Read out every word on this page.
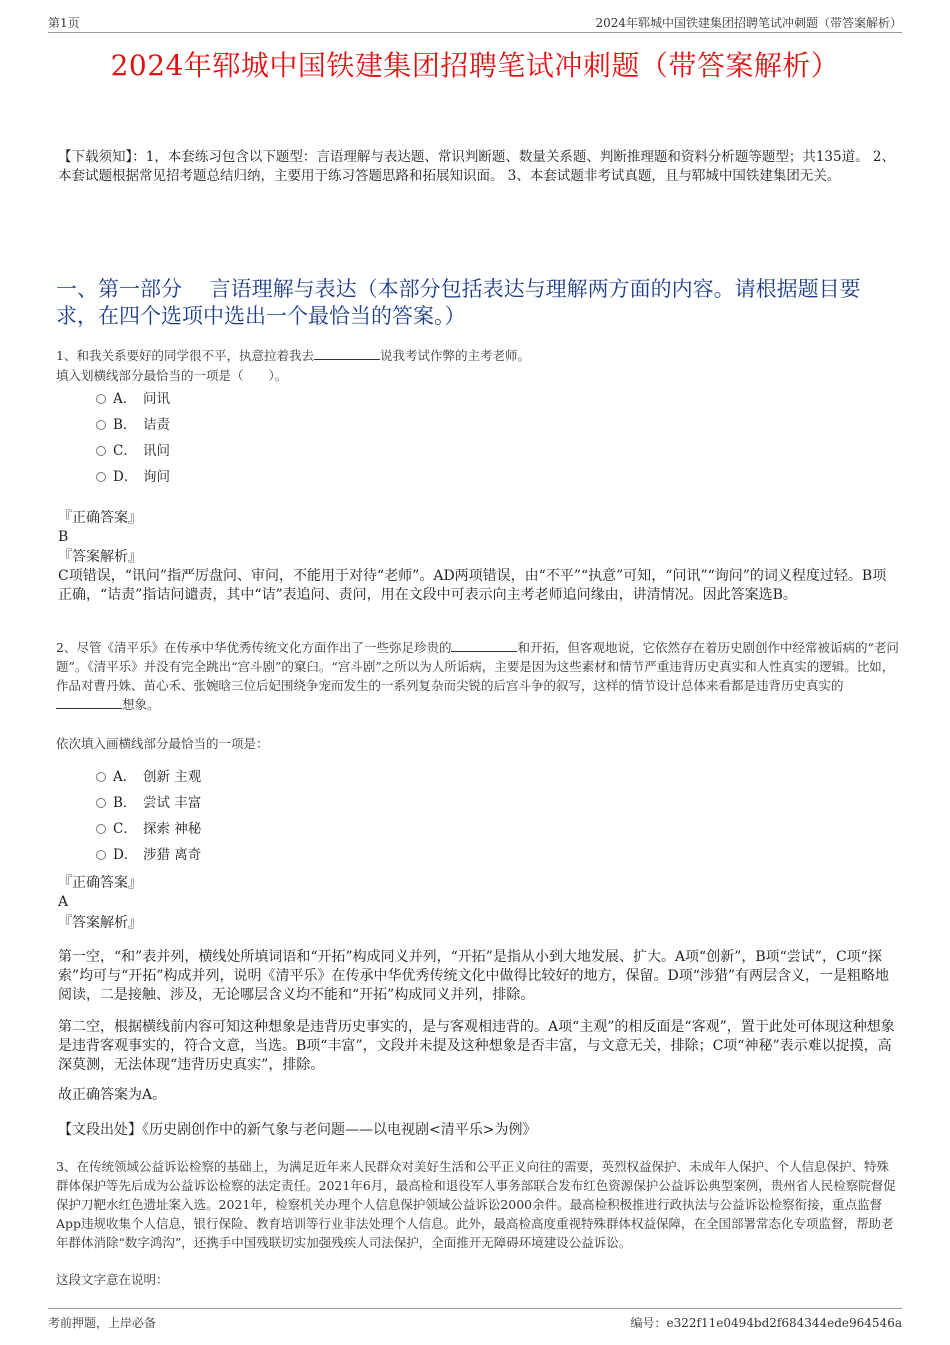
第1页	2024年郓城中国铁建集团招聘笔试冲刺题（带答案解析）
2024年郓城中国铁建集团招聘笔试冲刺题（带答案解析）
【下载须知】：1，本套练习包含以下题型：言语理解与表达题、常识判断题、数量关系题、判断推理题和资料分析题等题型；共135道。 2、本套试题根据常见招考题总结归纳，主要用于练习答题思路和拓展知识面。 3、本套试题非考试真题，且与郓城中国铁建集团无关。
一、第一部分　 言语理解与表达（本部分包括表达与理解两方面的内容。请根据题目要求，在四个选项中选出一个最恰当的答案。）
1、和我关系要好的同学很不平，执意拉着我去	说我考试作弊的主考老师。
填入划横线部分最恰当的一项是（　　）。
A． 问讯
B． 诘责
C． 讯问
D． 询问
『正确答案』
B
『答案解析』
C项错误，“讯问”指严厉盘问、审问，不能用于对待“老师”。AD两项错误，由“不平”“执意”可知，“问讯”“询问”的词义程度过轻。B项正确，“诘责”指诘问谴责，其中“诘”表追问、责问，用在文段中可表示向主考老师追问缘由，讲清情况。因此答案选B。
2、尽管《清平乐》在传承中华优秀传统文化方面作出了一些弥足珍贵的	和开拓，但客观地说，它依然存在着历史剧创作中经常被诟病的“老问题”。《清平乐》并没有完全跳出“宫斗剧”的窠臼。“宫斗剧”之所以为人所诟病，主要是因为这些素材和情节严重违背历史真实和人性真实的逻辑。比如，作品对曹丹姝、苗心禾、张婉晗三位后妃围绕争宠而发生的一系列复杂而尖锐的后宫斗争的叙写，这样的情节设计总体来看都是违背历史真实的想象。
依次填入画横线部分最恰当的一项是：
A． 创新 主观
B． 尝试 丰富
C． 探索 神秘
D． 涉猎 离奇
『正确答案』
A
『答案解析』
第一空，“和”表并列，横线处所填词语和“开拓”构成同义并列，“开拓”是指从小到大地发展、扩大。A项“创新”，B项“尝试”，C项“探索”均可与“开拓”构成并列，说明《清平乐》在传承中华优秀传统文化中做得比较好的地方，保留。D项“涉猎”有两层含义，一是粗略地阅读，二是接触、涉及，无论哪层含义均不能和“开拓”构成同义并列，排除。
第二空，根据横线前内容可知这种想象是违背历史事实的，是与客观相违背的。A项“主观”的相反面是“客观”，置于此处可体现这种想象是违背客观事实的，符合文意，当选。B项“丰富”，文段并未提及这种想象是否丰富，与文意无关，排除；C项“神秘”表示难以捉摸，高深莫测，无法体现“违背历史真实”，排除。
故正确答案为A。
【文段出处】《历史剧创作中的新气象与老问题——以电视剧<清平乐>为例》
3、在传统领域公益诉讼检察的基础上，为满足近年来人民群众对美好生活和公平正义向往的需要，英烈权益保护、未成年人保护、个人信息保护、特殊群体保护等先后成为公益诉讼检察的法定责任。2021年6月，最高检和退役军人事务部联合发布红色资源保护公益诉讼典型案例，贵州省人民检察院督促保护刀靶水红色遗址案入选。2021年，检察机关办理个人信息保护领域公益诉讼2000余件。最高检积极推进行政执法与公益诉讼检察衔接，重点监督App违规收集个人信息，银行保险、教育培训等行业非法处理个人信息。此外，最高检高度重视特殊群体权益保障，在全国部署常态化专项监督，帮助老年群体消除“数字鸿沟”，还携手中国残联切实加强残疾人司法保护，全面推开无障碍环境建设公益诉讼。
这段文字意在说明：
考前押题，上岸必备	编号：e322f11e0494bd2f684344ede964546a
